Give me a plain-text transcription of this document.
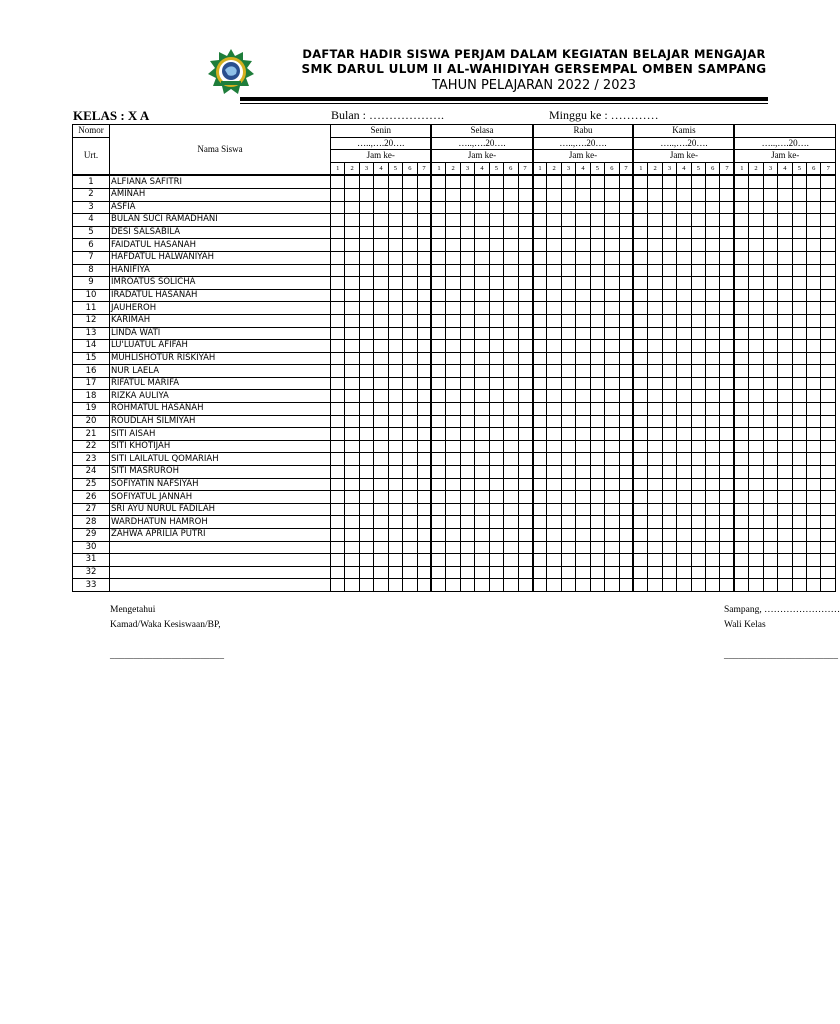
DAFTAR HADIR SISWA PERJAM DALAM KEGIATAN BELAJAR MENGAJAR
SMK DARUL ULUM II AL-WAHIDIYAH GERSEMPAL OMBEN SAMPANG
TAHUN PELAJARAN 2022 / 2023
KELAS : X A	Bulan : ……………….	Minggu ke : …………
Nomor	Nama Siswa	Senin							Selasa							Rabu							Kamis													
Urt.		…..,….20….							…..,….20….							…..,….20….							…..,….20….							…..,….20….						
		Jam ke-							Jam ke-							Jam ke-							Jam ke-							Jam ke-						
		1	2	3	4	5	6	7	1	2	3	4	5	6	7	1	2	3	4	5	6	7	1	2	3	4	5	6	7	1	2	3	4	5	6	7
1	ALFIANA SAFITRI																																			
2	AMINAH																																			
3	ASFIA																																			
4	BULAN SUCI RAMADHANI																																			
5	DESI SALSABILA																																			
6	FAIDATUL HASANAH																																			
7	HAFDATUL HALWANIYAH																																			
8	HANIFIYA																																			
9	IMROATUS SOLICHA																																			
10	IRADATUL HASANAH																																			
11	JAUHEROH																																			
12	KARIMAH																																			
13	LINDA WATI																																			
14	LU'LUATUL AFIFAH																																			
15	MUHLISHOTUR RISKIYAH																																			
16	NUR LAELA																																			
17	RIFATUL MARIFA																																			
18	RIZKA AULIYA																																			
19	ROHMATUL HASANAH																																			
20	ROUDLAH SILMIYAH																																			
21	SITI AISAH																																			
22	SITI KHOTIJAH																																			
23	SITI LAILATUL QOMARIAH																																			
24	SITI MASRUROH																																			
25	SOFIYATIN NAFSIYAH																																			
26	SOFIYATUL JANNAH																																			
27	SRI AYU NURUL FADILAH																																			
28	WARDHATUN HAMROH																																			
29	ZAHWA APRILIA PUTRI																																			
30																																				
31																																				
32																																				
33																																				
Mengetahui
Kamad/Waka Kesiswaan/BP,
________________________
Sampang, ……………………
Wali Kelas
________________________
